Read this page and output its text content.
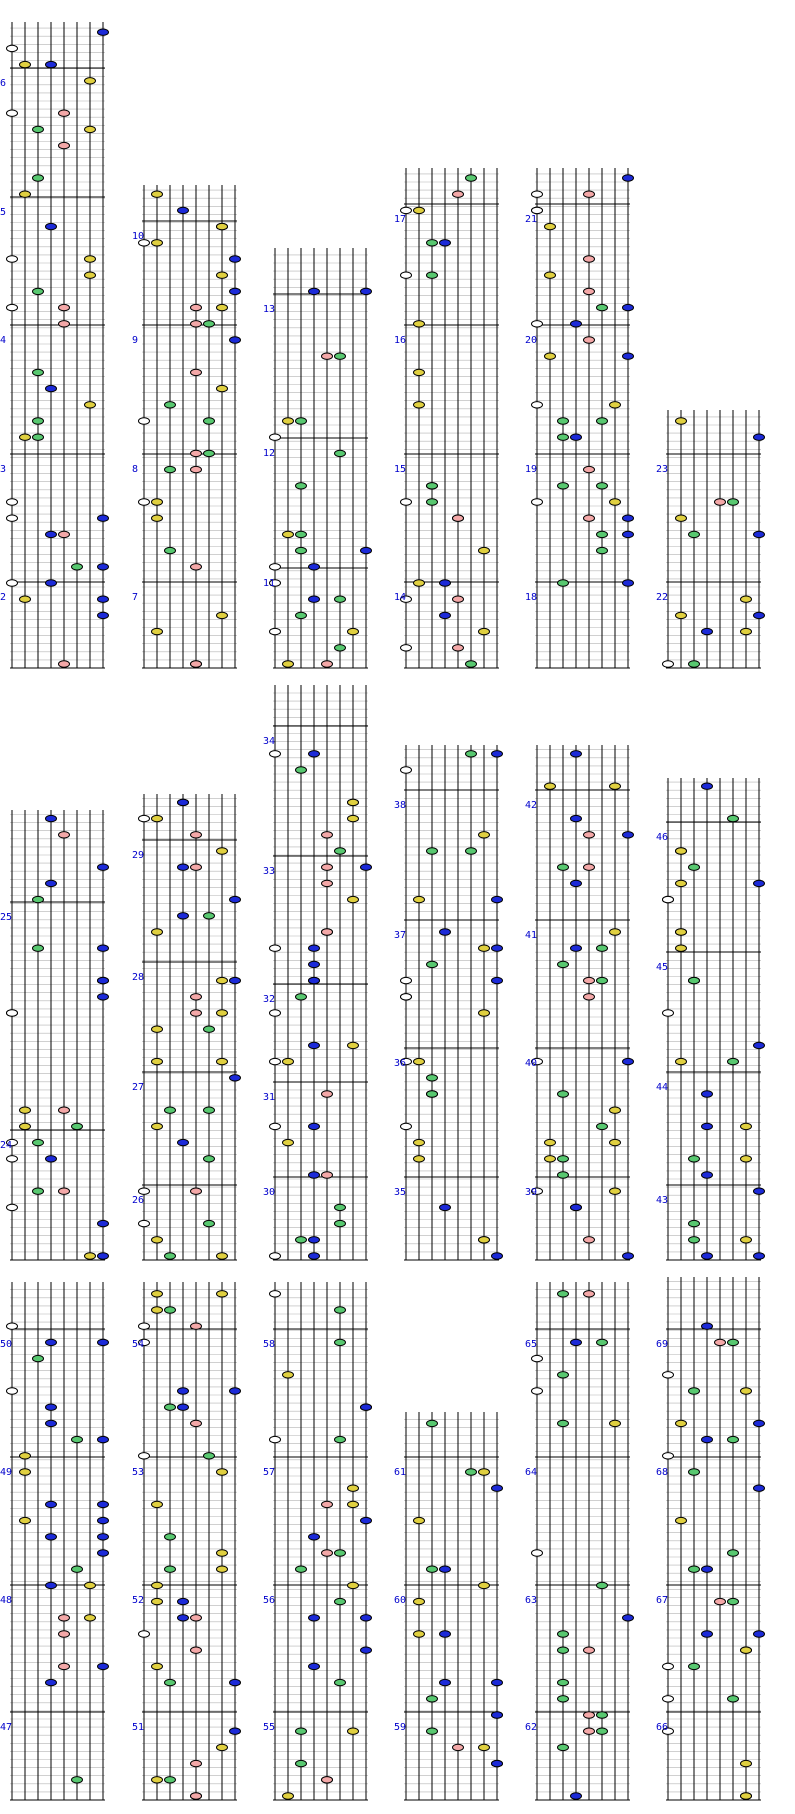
2
3
4
5
6
7
8
9
10
11
12
13
14
15
16
17
18
19
20
21
22
23
24
25
26
27
28
29
30
31
32
33
34
35
36
37
38
39
40
41
42
43
44
45
46
47
48
49
50
51
52
53
54
55
56
57
58
59
60
61
62
63
64
65
66
67
68
69
